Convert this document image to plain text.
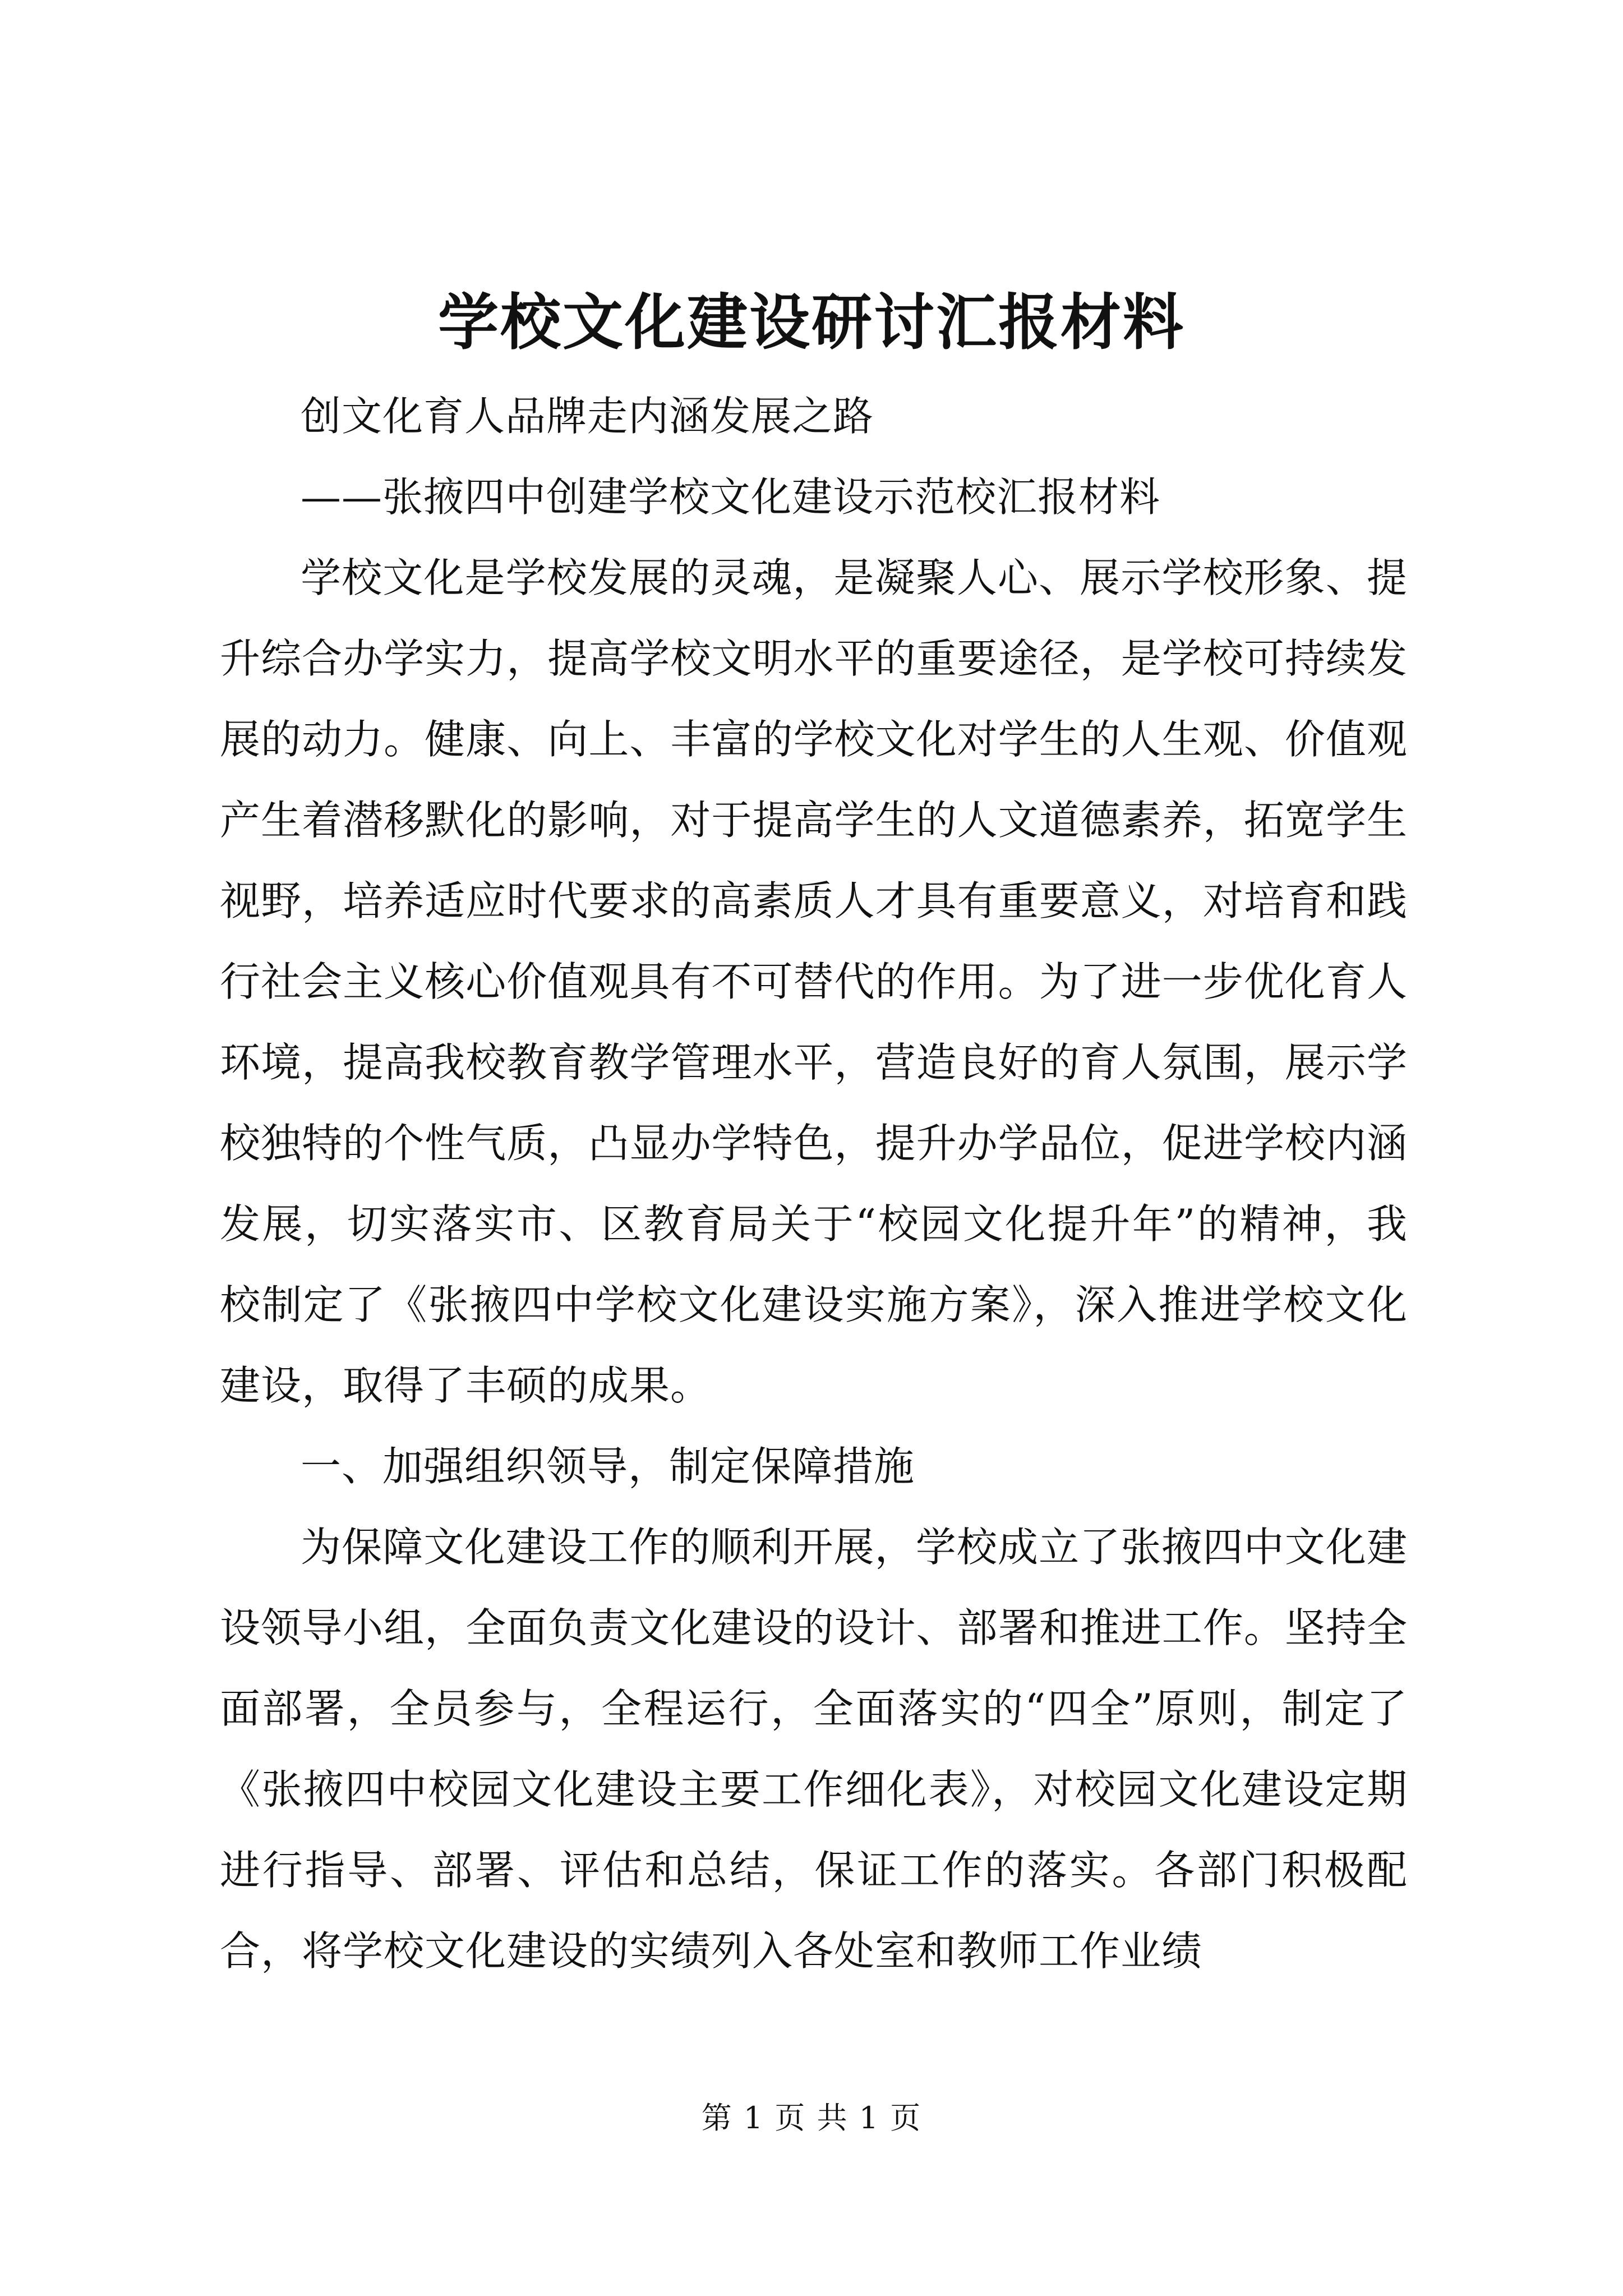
学校文化建设研讨汇报材料

创文化育人品牌走内涵发展之路

——张掖四中创建学校文化建设示范校汇报材料

学校文化是学校发展的灵魂，是凝聚人心、展示学校形象、提升综合办学实力，提高学校文明水平的重要途径，是学校可持续发展的动力。健康、向上、丰富的学校文化对学生的人生观、价值观产生着潜移默化的影响，对于提高学生的人文道德素养，拓宽学生视野，培养适应时代要求的高素质人才具有重要意义，对培育和践行社会主义核心价值观具有不可替代的作用。为了进一步优化育人环境，提高我校教育教学管理水平，营造良好的育人氛围，展示学校独特的个性气质，凸显办学特色，提升办学品位，促进学校内涵发展，切实落实市、区教育局关于“校园文化提升年”的精神，我校制定了《张掖四中学校文化建设实施方案》，深入推进学校文化建设，取得了丰硕的成果。

一、加强组织领导，制定保障措施

为保障文化建设工作的顺利开展，学校成立了张掖四中文化建设领导小组，全面负责文化建设的设计、部署和推进工作。坚持全面部署，全员参与，全程运行，全面落实的“四全”原则，制定了《张掖四中校园文化建设主要工作细化表》，对校园文化建设定期进行指导、部署、评估和总结，保证工作的落实。各部门积极配合，将学校文化建设的实绩列入各处室和教师工作业绩

第 1 页 共 1 页
